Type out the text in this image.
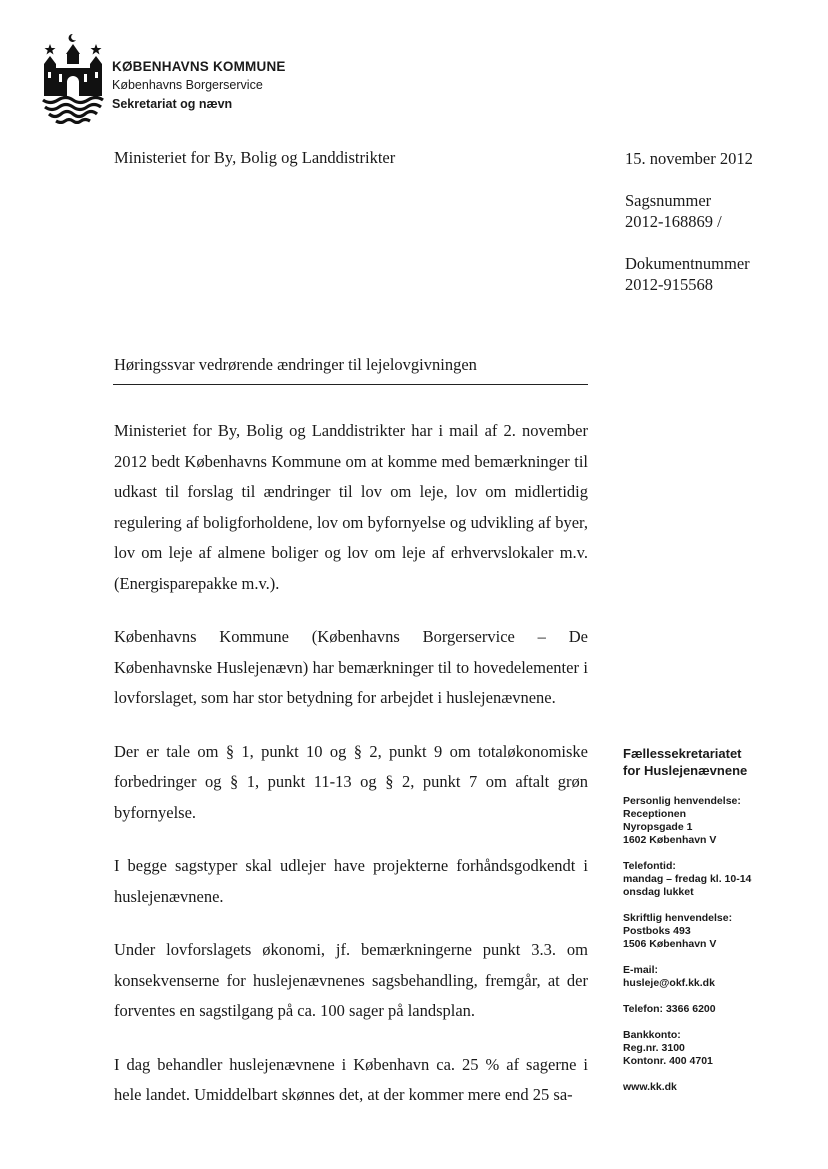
KØBENHAVNS KOMMUNE
Københavns Borgerservice
Sekretariat og nævn
Ministeriet for By, Bolig og Landdistrikter	15. november 2012
Sagsnummer
2012-168869 /
Dokumentnummer
2012-915568
Høringssvar vedrørende ændringer til lejelovgivningen

Ministeriet for By, Bolig og Landdistrikter har i mail af 2. november 2012 bedt Københavns Kommune om at komme med bemærkninger til udkast til forslag til ændringer til lov om leje, lov om midlertidig regulering af boligforholdene, lov om byfornyelse og udvikling af byer, lov om leje af almene boliger og lov om leje af erhvervslokaler m.v. (Energisparepakke m.v.).

Københavns Kommune (Københavns Borgerservice – De Københavnske Huslejenævn) har bemærkninger til to hovedelementer i lovforslaget, som har stor betydning for arbejdet i huslejenævnene.

Der er tale om § 1, punkt 10 og § 2, punkt 9 om totaløkonomiske forbedringer og § 1, punkt 11-13 og § 2, punkt 7 om aftalt grøn byfornyelse.

I begge sagstyper skal udlejer have projekterne forhåndsgodkendt i huslejenævnene.

Under lovforslagets økonomi, jf. bemærkningerne punkt 3.3. om konsekvenserne for huslejenævnenes sagsbehandling, fremgår, at der forventes en sagstilgang på ca. 100 sager på landsplan.

I dag behandler huslejenævnene i København ca. 25 % af sagerne i hele landet. Umiddelbart skønnes det, at der kommer mere end 25 sa-

Fællessekretariatet
for Huslejenævnene
Personlig henvendelse:
Receptionen
Nyropsgade 1
1602 København V
Telefontid:
mandag – fredag kl. 10-14
onsdag lukket
Skriftlig henvendelse:
Postboks 493
1506 København V
E-mail:
husleje@okf.kk.dk
Telefon: 3366 6200
Bankkonto:
Reg.nr. 3100
Kontonr. 400 4701
www.kk.dk
